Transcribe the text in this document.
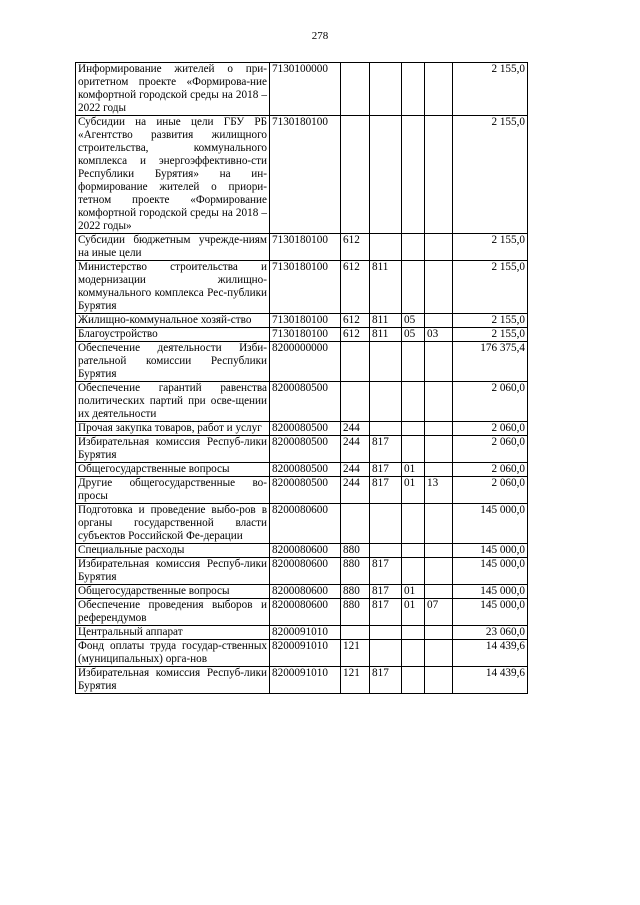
278
Информирование жителей о при-оритетном проекте «Формирова-ние комфортной городской среды на 2018 – 2022 годы	7130100000					2 155,0
Субсидии на иные цели ГБУ РБ «Агентство развития жилищного строительства, коммунального комплекса и энергоэффективно-сти Республики Бурятия» на ин-формирование жителей о приори-тетном проекте «Формирование комфортной городской среды на 2018 – 2022 годы»	7130180100					2 155,0
Субсидии бюджетным учрежде-ниям на иные цели	7130180100	612				2 155,0
Министерство строительства и модернизации жилищно-коммунального комплекса Рес-публики Бурятия	7130180100	612	811			2 155,0
Жилищно-коммунальное хозяй-ство	7130180100	612	811	05		2 155,0
Благоустройство	7130180100	612	811	05	03	2 155,0
Обеспечение деятельности Изби-рательной комиссии Республики Бурятия	8200000000					176 375,4
Обеспечение гарантий равенства политических партий при осве-щении их деятельности	8200080500					2 060,0
Прочая закупка товаров, работ и услуг	8200080500	244				2 060,0
Избирательная комиссия Респуб-лики Бурятия	8200080500	244	817			2 060,0
Общегосударственные вопросы	8200080500	244	817	01		2 060,0
Другие общегосударственные во-просы	8200080500	244	817	01	13	2 060,0
Подготовка и проведение выбо-ров в органы государственной власти субъектов Российской Фе-дерации	8200080600					145 000,0
Специальные расходы	8200080600	880				145 000,0
Избирательная комиссия Респуб-лики Бурятия	8200080600	880	817			145 000,0
Общегосударственные вопросы	8200080600	880	817	01		145 000,0
Обеспечение проведения выборов и референдумов	8200080600	880	817	01	07	145 000,0
Центральный аппарат	8200091010					23 060,0
Фонд оплаты труда государ-ственных (муниципальных) орга-нов	8200091010	121				14 439,6
Избирательная комиссия Респуб-лики Бурятия	8200091010	121	817			14 439,6
